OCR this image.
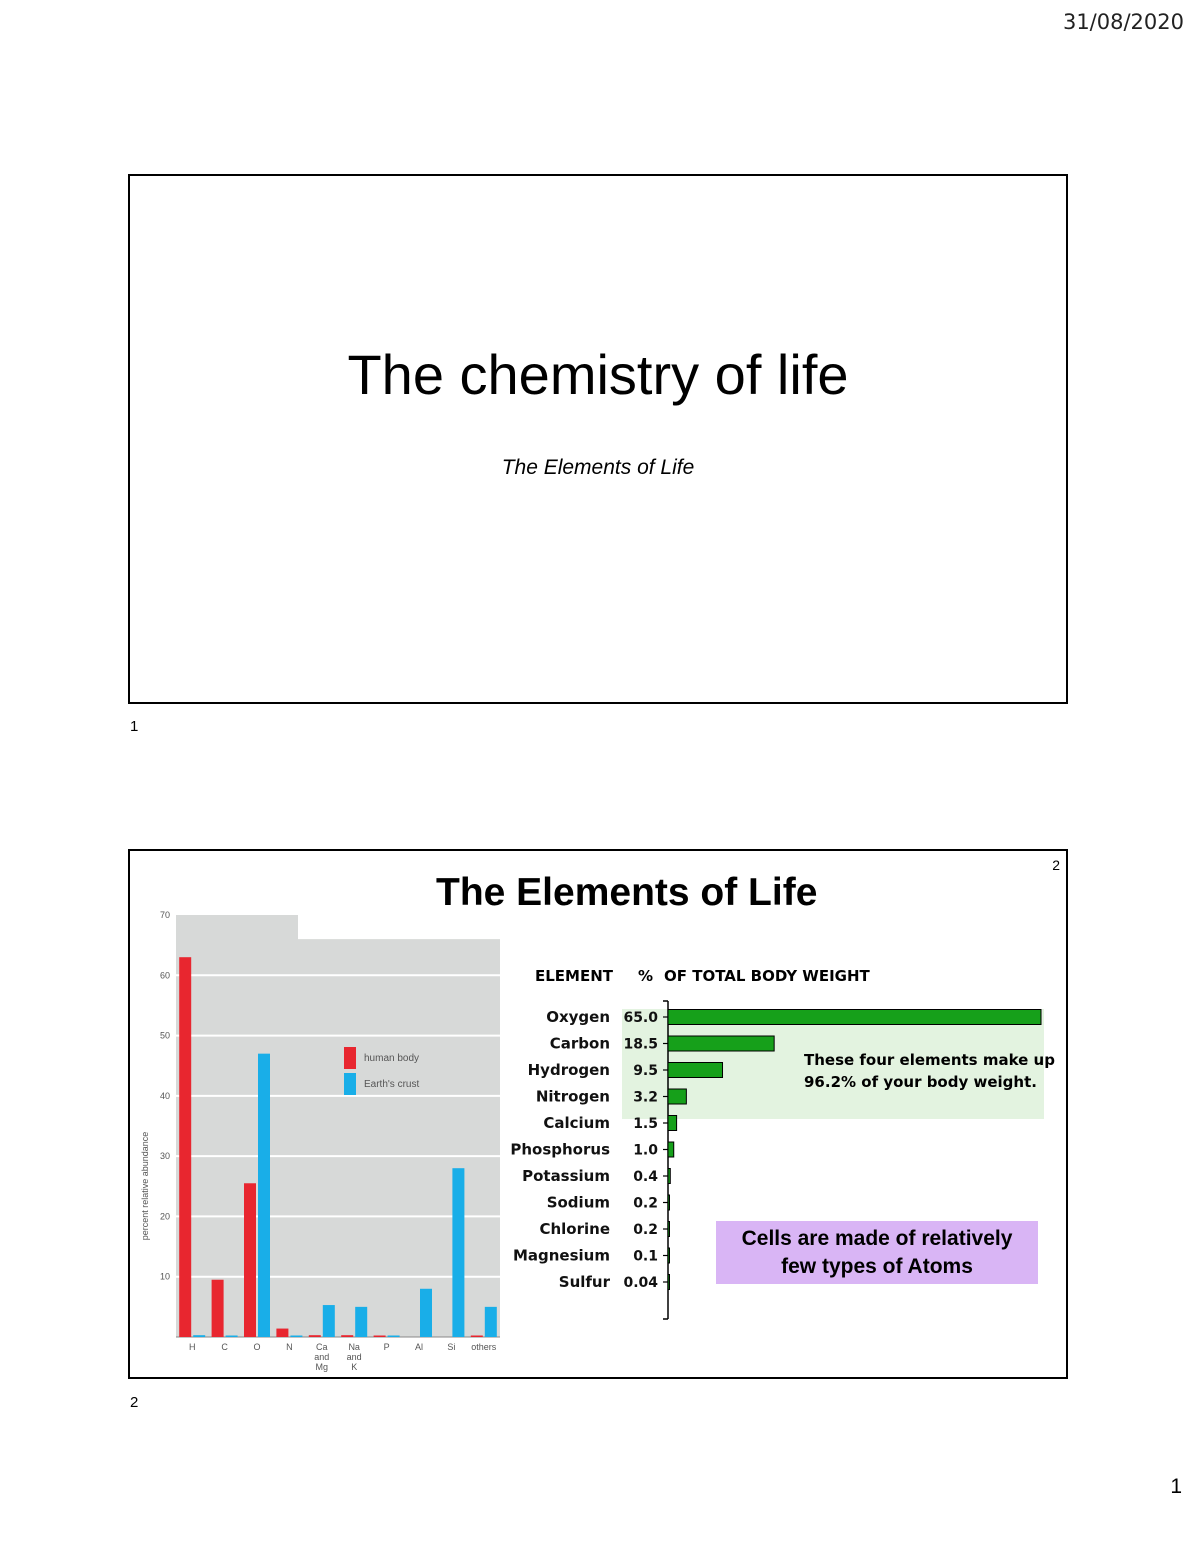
31/08/2020
The chemistry of life
The Elements of Life
1
2
The Elements of Life
10
20
30
40
50
60
70
percent relative abundance
H	C	O	N	Ca
and
Mg
Na
and
K
P	Al	Si others
human body
Earth's crust
ELEMENT % OF TOTAL BODY WEIGHT
Oxygen 65.0
Carbon 18.5
Hydrogen 9.5
Nitrogen 3.2
Calcium 1.5
Phosphorus 1.0
Potassium 0.4
Sodium 0.2
Chlorine 0.2
Magnesium 0.1
Sulfur 0.04
These four elements make up
96.2% of your body weight.
Cells are made of relatively
few types of Atoms
2
1
